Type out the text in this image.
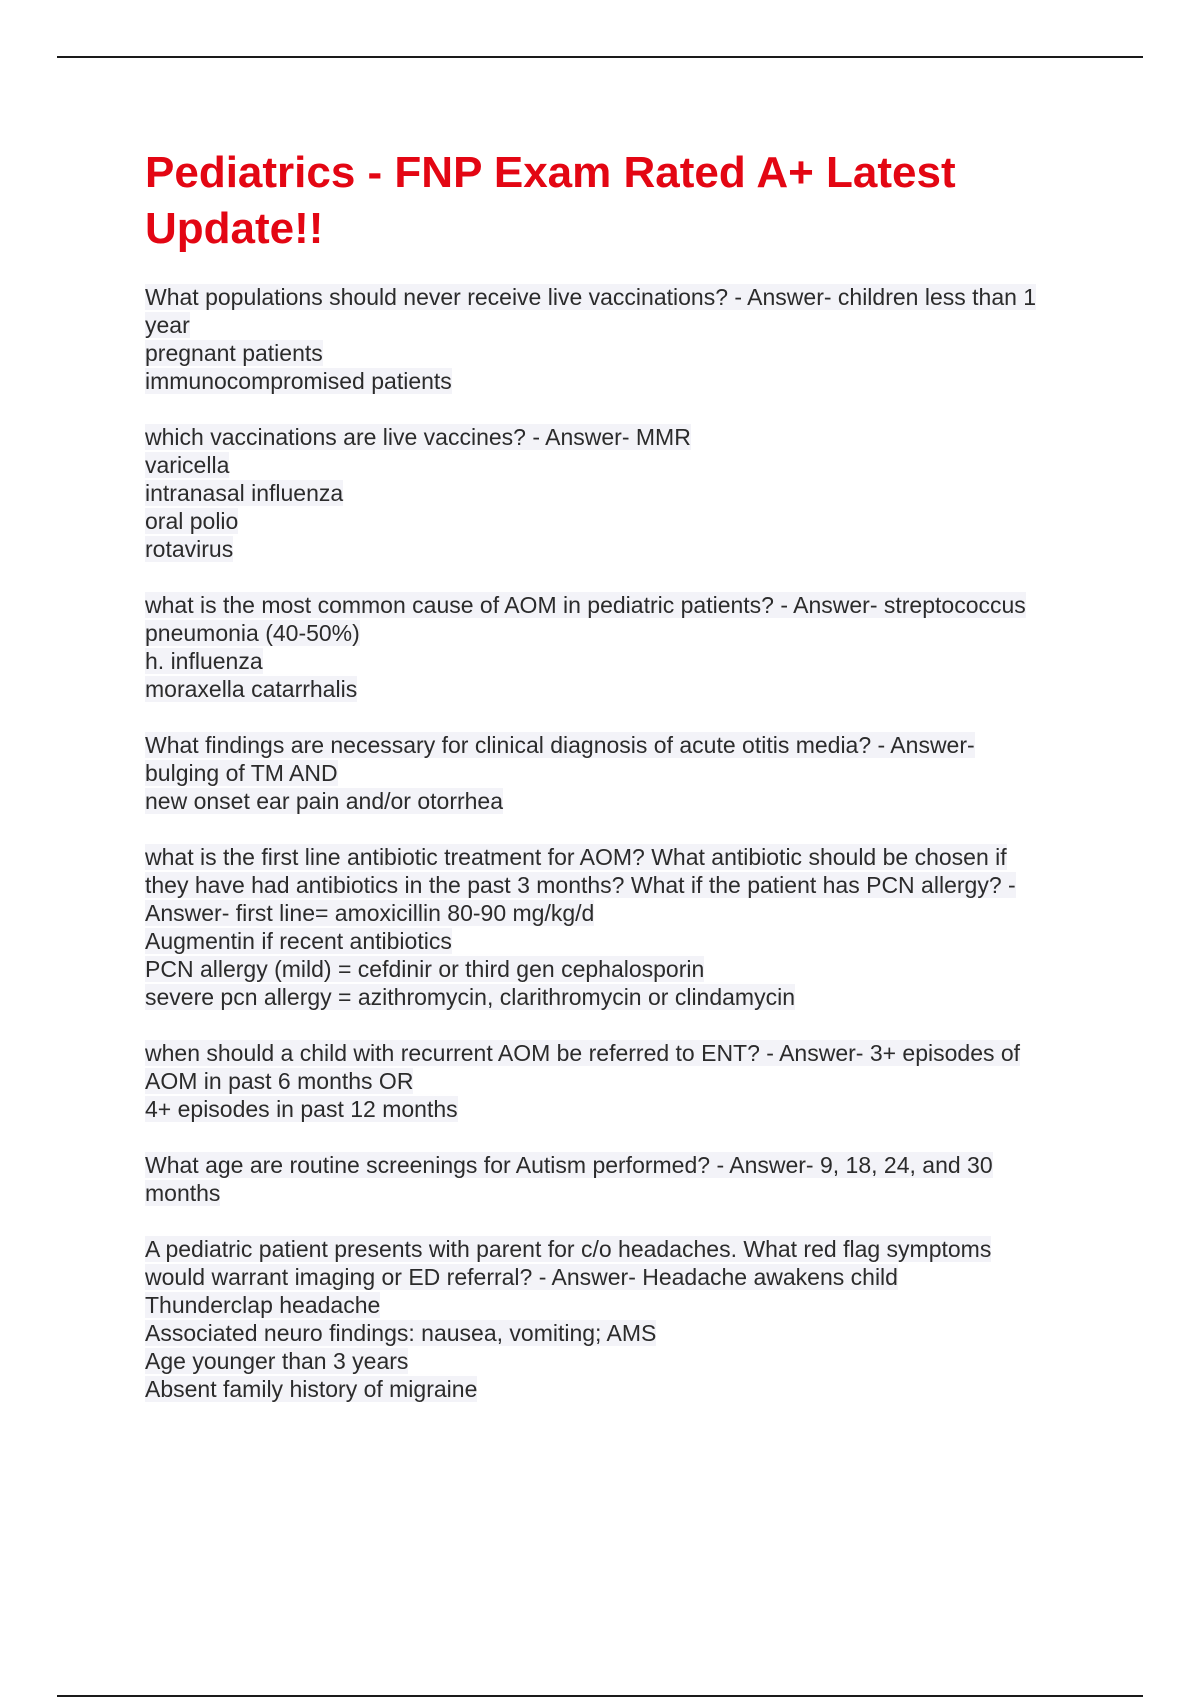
Pediatrics - FNP Exam Rated A+ Latest
Update!!
What populations should never receive live vaccinations? - Answer- children less than 1
year
pregnant patients
immunocompromised patients
which vaccinations are live vaccines? - Answer- MMR
varicella
intranasal influenza
oral polio
rotavirus
what is the most common cause of AOM in pediatric patients? - Answer- streptococcus
pneumonia (40-50%)
h. influenza
moraxella catarrhalis
What findings are necessary for clinical diagnosis of acute otitis media? - Answer-
bulging of TM AND
new onset ear pain and/or otorrhea
what is the first line antibiotic treatment for AOM? What antibiotic should be chosen if
they have had antibiotics in the past 3 months? What if the patient has PCN allergy? -
Answer- first line= amoxicillin 80-90 mg/kg/d
Augmentin if recent antibiotics
PCN allergy (mild) = cefdinir or third gen cephalosporin
severe pcn allergy = azithromycin, clarithromycin or clindamycin
when should a child with recurrent AOM be referred to ENT? - Answer- 3+ episodes of
AOM in past 6 months OR
4+ episodes in past 12 months
What age are routine screenings for Autism performed? - Answer- 9, 18, 24, and 30
months
A pediatric patient presents with parent for c/o headaches. What red flag symptoms
would warrant imaging or ED referral? - Answer- Headache awakens child
Thunderclap headache
Associated neuro findings: nausea, vomiting; AMS
Age younger than 3 years
Absent family history of migraine
